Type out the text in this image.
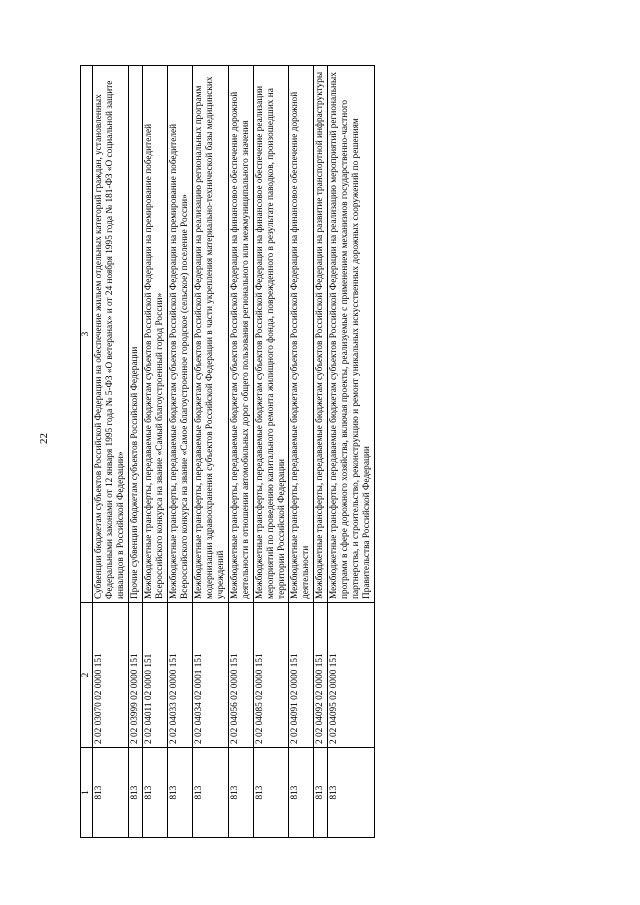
22
1	2	3
813	2 02 03070 02 0000 151	Субвенции бюджетам субъектов Российской Федерации на обеспечение жильем отдельных категорий граждан, установленных Федеральными законами от 12 января 1995 года № 5-ФЗ «О ветеранах» и от 24 ноября 1995 года № 181-ФЗ «О социальной защите инвалидов в Российской Федерации»
813	2 02 03999 02 0000 151	Прочие субвенции бюджетам субъектов Российской Федерации
813	2 02 04011 02 0000 151	Межбюджетные трансферты, передаваемые бюджетам субъектов Российской Федерации на премирование победителей Всероссийского конкурса на звание «Самый благоустроенный город России»
813	2 02 04033 02 0000 151	Межбюджетные трансферты, передаваемые бюджетам субъектов Российской Федерации на премирование победителей Всероссийского конкурса на звание «Самое благоустроенное городское (сельское) поселение России»
813	2 02 04034 02 0001 151	Межбюджетные трансферты, передаваемые бюджетам субъектов Российской Федерации на реализацию региональных программ модернизации здравоохранения субъектов Российской Федерации в части укрепления материально-технической базы медицинских учреждений
813	2 02 04056 02 0000 151	Межбюджетные трансферты, передаваемые бюджетам субъектов Российской Федерации на финансовое обеспечение дорожной деятельности в отношении автомобильных дорог общего пользования регионального или межмуниципального значения
813	2 02 04085 02 0000 151	Межбюджетные трансферты, передаваемые бюджетам субъектов Российской Федерации на финансовое обеспечение реализации мероприятий по проведению капитального ремонта жилищного фонда, поврежденного в результате паводков, произошедших на территории Российской Федерации
813	2 02 04091 02 0000 151	Межбюджетные трансферты, передаваемые бюджетам субъектов Российской Федерации на финансовое обеспечение дорожной деятельности
813	2 02 04092 02 0000 151	Межбюджетные трансферты, передаваемые бюджетам субъектов Российской Федерации на развитие транспортной инфраструктуры
813	2 02 04095 02 0000 151	Межбюджетные трансферты, передаваемые бюджетам субъектов Российской Федерации на реализацию мероприятий региональных программ в сфере дорожного хозяйства, включая проекты, реализуемые с применением механизмов государственно-частного партнерства, и строительство, реконструкцию и ремонт уникальных искусственных дорожных сооружений по решениям Правительства Российской Федерации
